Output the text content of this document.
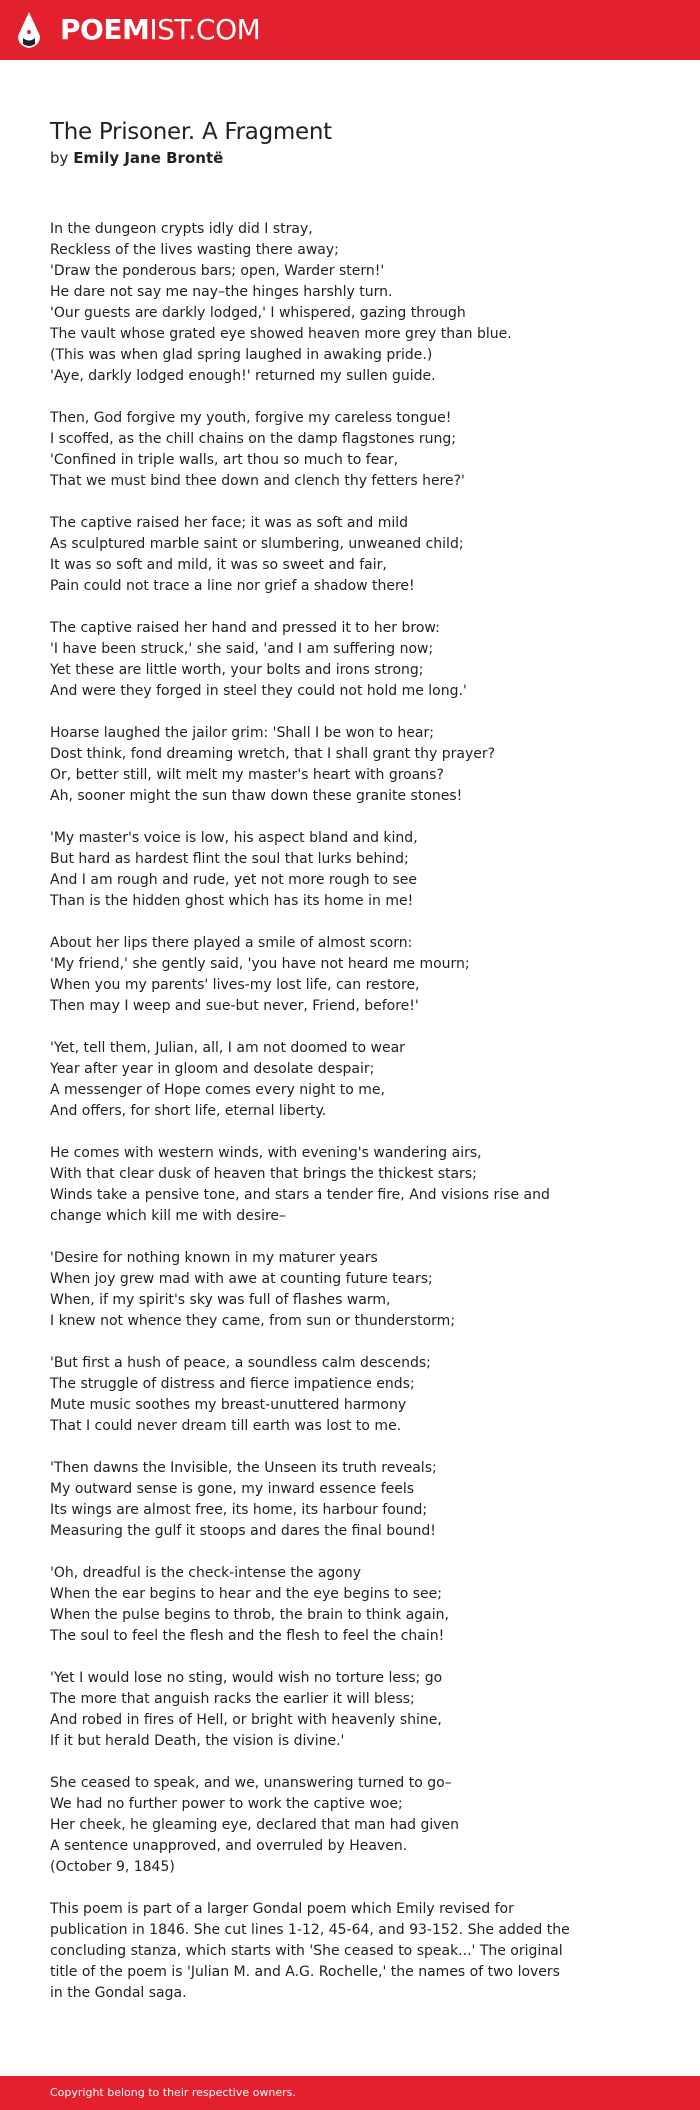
POEMIST.COM
The Prisoner. A Fragment
by Emily Jane Brontë

In the dungeon crypts idly did I stray,
Reckless of the lives wasting there away;
'Draw the ponderous bars; open, Warder stern!'
He dare not say me nay–the hinges harshly turn.
'Our guests are darkly lodged,' I whispered, gazing through
The vault whose grated eye showed heaven more grey than blue.
(This was when glad spring laughed in awaking pride.)
'Aye, darkly lodged enough!' returned my sullen guide.

Then, God forgive my youth, forgive my careless tongue!
I scoffed, as the chill chains on the damp flagstones rung;
'Confined in triple walls, art thou so much to fear,
That we must bind thee down and clench thy fetters here?'

The captive raised her face; it was as soft and mild
As sculptured marble saint or slumbering, unweaned child;
It was so soft and mild, it was so sweet and fair,
Pain could not trace a line nor grief a shadow there!

The captive raised her hand and pressed it to her brow:
'I have been struck,' she said, 'and I am suffering now;
Yet these are little worth, your bolts and irons strong;
And were they forged in steel they could not hold me long.'

Hoarse laughed the jailor grim: 'Shall I be won to hear;
Dost think, fond dreaming wretch, that I shall grant thy prayer?
Or, better still, wilt melt my master's heart with groans?
Ah, sooner might the sun thaw down these granite stones!

'My master's voice is low, his aspect bland and kind,
But hard as hardest flint the soul that lurks behind;
And I am rough and rude, yet not more rough to see
Than is the hidden ghost which has its home in me!

About her lips there played a smile of almost scorn:
'My friend,' she gently said, 'you have not heard me mourn;
When you my parents' lives-my lost life, can restore,
Then may I weep and sue-but never, Friend, before!'

'Yet, tell them, Julian, all, I am not doomed to wear
Year after year in gloom and desolate despair;
A messenger of Hope comes every night to me,
And offers, for short life, eternal liberty.

He comes with western winds, with evening's wandering airs,
With that clear dusk of heaven that brings the thickest stars;
Winds take a pensive tone, and stars a tender fire, And visions rise and change which kill me with desire–

'Desire for nothing known in my maturer years
When joy grew mad with awe at counting future tears;
When, if my spirit's sky was full of flashes warm,
I knew not whence they came, from sun or thunderstorm;

'But first a hush of peace, a soundless calm descends;
The struggle of distress and fierce impatience ends;
Mute music soothes my breast-unuttered harmony
That I could never dream till earth was lost to me.

'Then dawns the Invisible, the Unseen its truth reveals;
My outward sense is gone, my inward essence feels
Its wings are almost free, its home, its harbour found;
Measuring the gulf it stoops and dares the final bound!

'Oh, dreadful is the check-intense the agony
When the ear begins to hear and the eye begins to see;
When the pulse begins to throb, the brain to think again,
The soul to feel the flesh and the flesh to feel the chain!

'Yet I would lose no sting, would wish no torture less; go
The more that anguish racks the earlier it will bless;
And robed in fires of Hell, or bright with heavenly shine,
If it but herald Death, the vision is divine.'

She ceased to speak, and we, unanswering turned to go–
We had no further power to work the captive woe;
Her cheek, he gleaming eye, declared that man had given
A sentence unapproved, and overruled by Heaven.
(October 9, 1845)

This poem is part of a larger Gondal poem which Emily revised for publication in 1846. She cut lines 1-12, 45-64, and 93-152. She added the concluding stanza, which starts with 'She ceased to speak...' The original title of the poem is 'Julian M. and A.G. Rochelle,' the names of two lovers in the Gondal saga.

Copyright belong to their respective owners.
